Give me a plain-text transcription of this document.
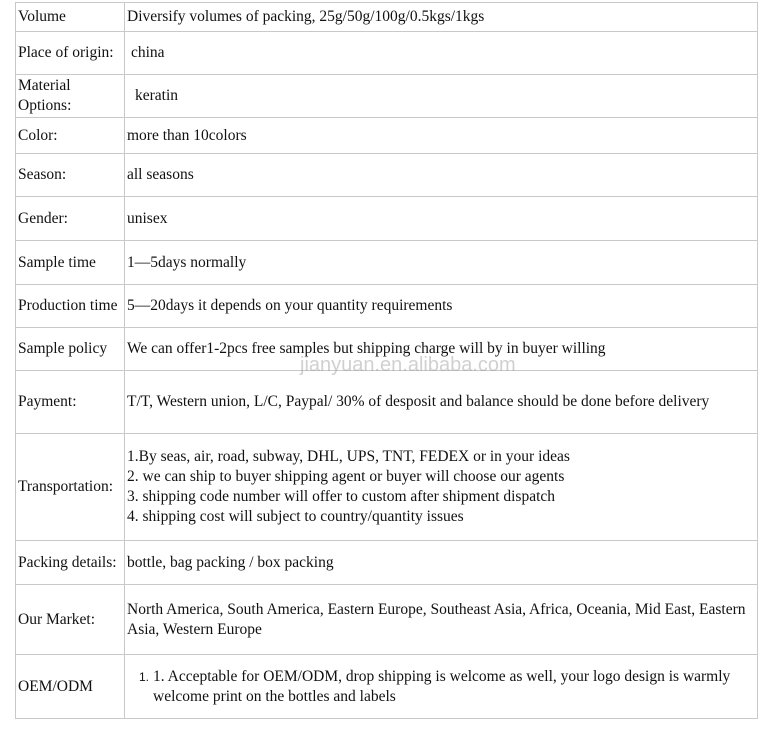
Volume	Diversify volumes of packing, 25g/50g/100g/0.5kgs/1kgs
Place of origin:	china
Material Options:	keratin
Color:	more than 10colors
Season:	all seasons
Gender:	unisex
Sample time	1—5days normally
Production time	5—20days it depends on your quantity requirements
Sample policy	We can offer1-2pcs free samples but shipping charge will by in buyer willing
Payment:	T/T, Western union, L/C, Paypal/ 30% of desposit and balance should be done before delivery
Transportation:	1.By seas, air, road, subway, DHL, UPS, TNT, FEDEX or in your ideas
2. we can ship to buyer shipping agent or buyer will choose our agents
3. shipping code number will offer to custom after shipment dispatch
4. shipping cost will subject to country/quantity issues

Packing details:	bottle, bag packing / box packing
Our Market:	North America, South America, Eastern Europe, Southeast Asia, Africa, Oceania, Mid East, Eastern Asia, Western Europe
OEM/ODM	1. 1. Acceptable for OEM/ODM, drop shipping is welcome as well, your logo design is warmly welcome print on the bottles and labels
jianyuan.en.alibaba.com
